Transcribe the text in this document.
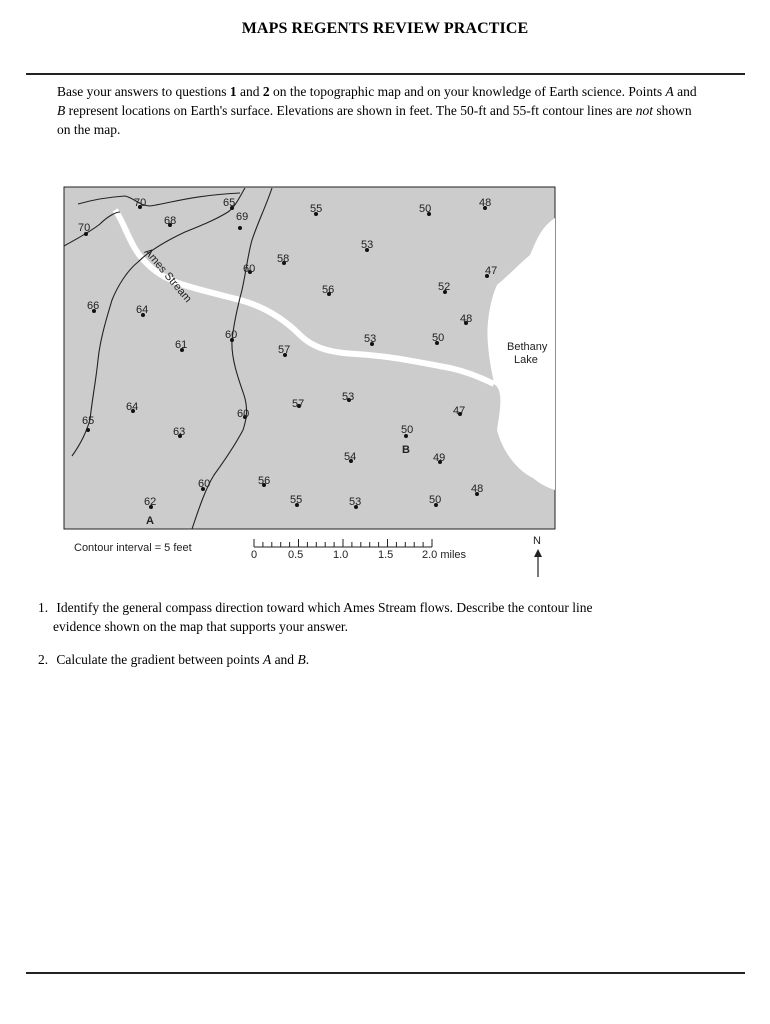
MAPS REGENTS REVIEW PRACTICE
Base your answers to questions 1 and 2 on the topographic map and on your knowledge of Earth science. Points A and B represent locations on Earth's surface. Elevations are shown in feet. The 50-ft and 55-ft contour lines are not shown on the map.
70
70
68
65
69
55	50	48
53
60
58
56	52
47
66	64
48
61
60
57
53	50
53
57
64
60	47
65
63	50
54	49
60	56
48
55	53	50
62
Ames Stream
Bethany
Lake
A
B
Contour interval = 5 feet
0	0.5	1.0	1.5	2.0 miles
N
1. Identify the general compass direction toward which Ames Stream flows. Describe the contour line
evidence shown on the map that supports your answer.
2. Calculate the gradient between points A and B.
